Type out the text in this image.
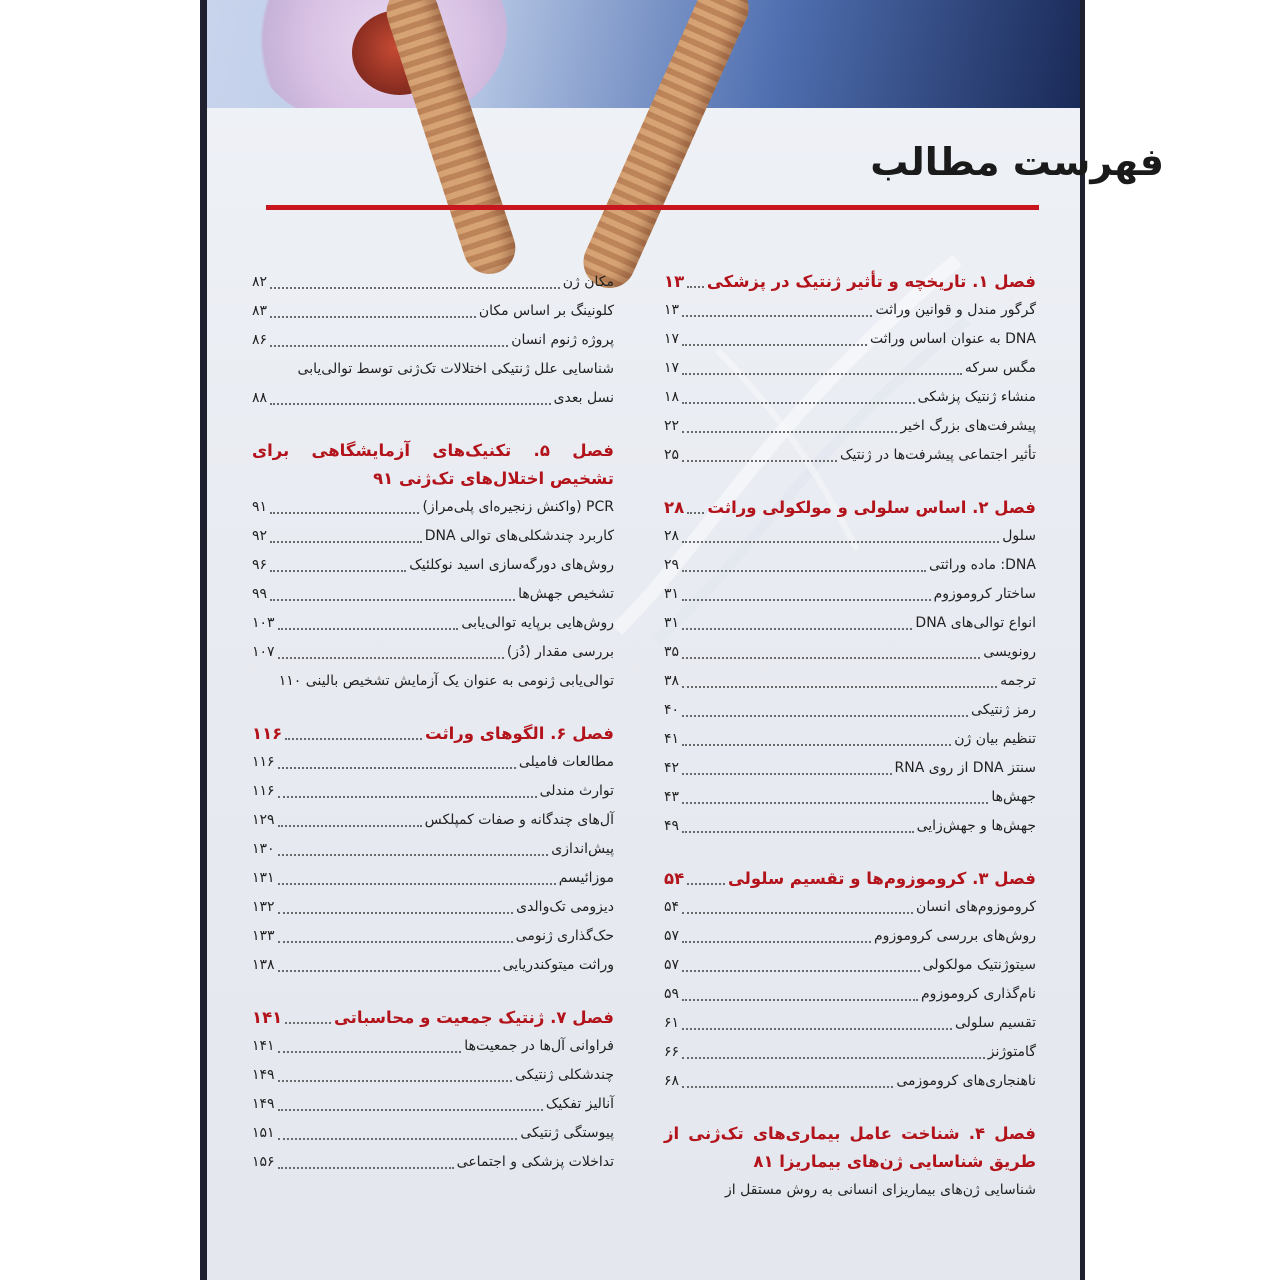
فهرست مطالب
فصل ۱. تاریخچه و تأثیر ژنتیک در پزشکی
۱۳
گرگور مندل و قوانین وراثت
۱۳
DNA به عنوان اساس وراثت
۱۷
مگس سرکه
۱۷
منشاء ژنتیک پزشکی
۱۸
پیشرفت‌های بزرگ اخیر
۲۲
تأثیر اجتماعی پیشرفت‌ها در ژنتیک
۲۵
فصل ۲. اساس سلولی و مولکولی وراثت
۲۸
سلول
۲۸
DNA: ماده وراثتی
۲۹
ساختار کروموزوم
۳۱
انواع توالی‌های DNA
۳۱
رونویسی
۳۵
ترجمه
۳۸
رمز ژنتیکی
۴۰
تنظیم بیان ژن
۴۱
سنتز DNA از روی RNA
۴۲
جهش‌ها
۴۳
جهش‌ها و جهش‌زایی
۴۹
فصل ۳. کروموزوم‌ها و تقسیم سلولی
۵۴
کروموزوم‌های انسان
۵۴
روش‌های بررسی کروموزوم
۵۷
سیتوژنتیک مولکولی
۵۷
نام‌گذاری کروموزوم
۵۹
تقسیم سلولی
۶۱
گامتوژنز
۶۶
ناهنجاری‌های کروموزمی
۶۸
فصل ۴. شناخت عامل بیماری‌های تک‌ژنی از طریق شناسایی ژن‌های بیماریزا ۸۱
شناسایی ژن‌های بیماریزای انسانی به روش مستقل از
مکان ژن
۸۲
کلونینگ بر اساس مکان
۸۳
پروژه ژنوم انسان
۸۶
شناسایی علل ژنتیکی اختلالات تک‌ژنی توسط توالی‌یابی
نسل بعدی
۸۸
فصل ۵. تکنیک‌های آزمایشگاهی برای تشخیص اختلال‌های تک‌ژنی ۹۱
PCR (واکنش زنجیره‌ای پلی‌مراز)
۹۱
کاربرد چندشکلی‌های توالی DNA
۹۲
روش‌های دورگه‌سازی اسید نوکلئیک
۹۶
تشخیص جهش‌ها
۹۹
روش‌هایی برپایه توالی‌یابی
۱۰۳
بررسی مقدار (دُز)
۱۰۷
توالی‌یابی ژنومی به عنوان یک آزمایش تشخیص بالینی ۱۱۰
فصل ۶. الگوهای وراثت
۱۱۶
مطالعات فامیلی
۱۱۶
توارث مندلی
۱۱۶
آل‌های چندگانه و صفات کمپلکس
۱۲۹
پیش‌اندازی
۱۳۰
موزائیسم
۱۳۱
دیزومی تک‌والدی
۱۳۲
حک‌گذاری ژنومی
۱۳۳
وراثت میتوکندریایی
۱۳۸
فصل ۷. ژنتیک جمعیت و محاسباتی
۱۴۱
فراوانی آل‌ها در جمعیت‌ها
۱۴۱
چندشکلی ژنتیکی
۱۴۹
آنالیز تفکیک
۱۴۹
پیوستگی ژنتیکی
۱۵۱
تداخلات پزشکی و اجتماعی
۱۵۶
